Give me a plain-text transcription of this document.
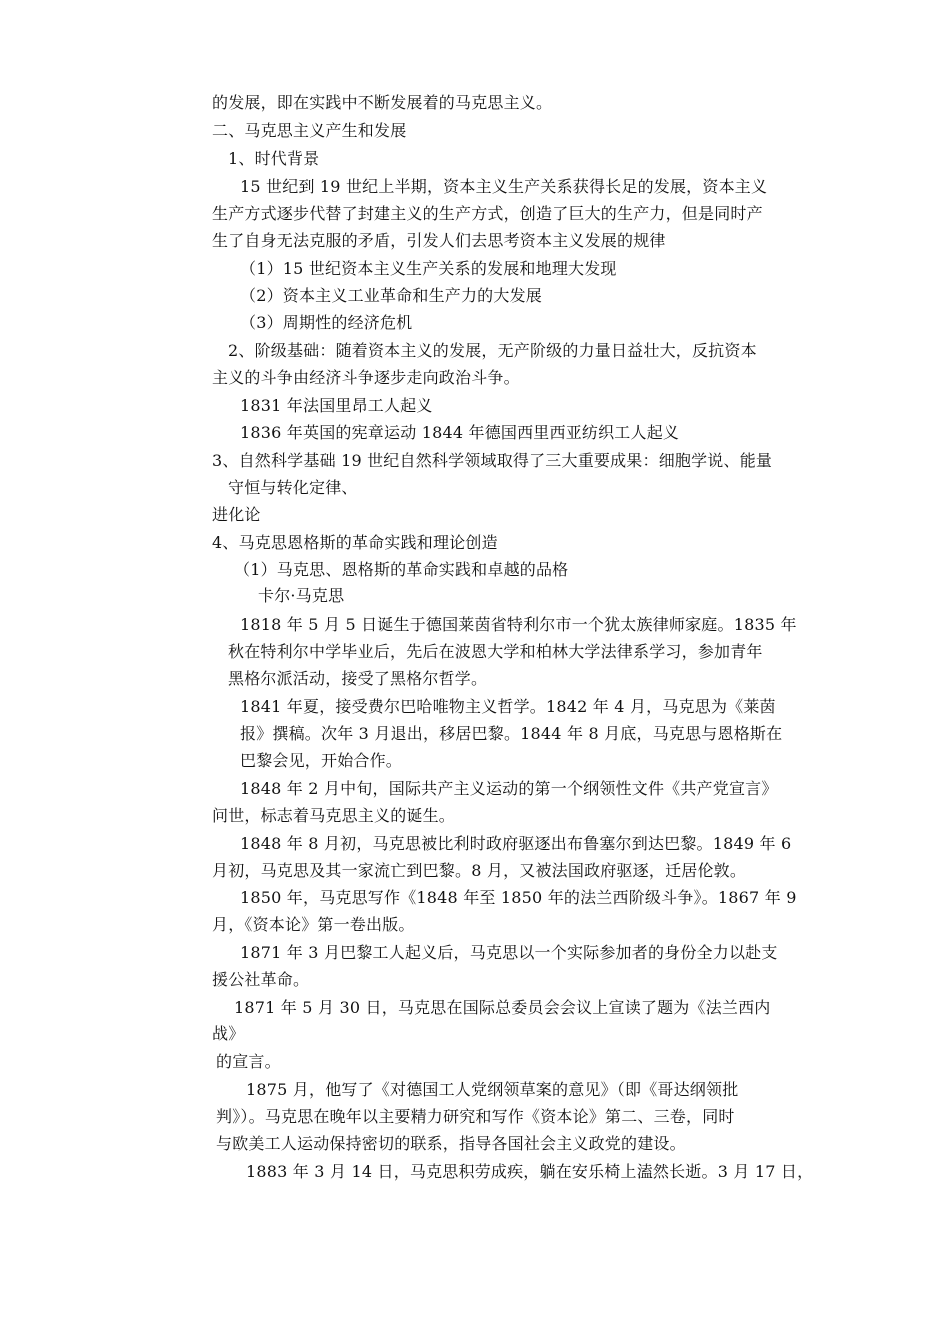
的发展，即在实践中不断发展着的马克思主义。
二、马克思主义产生和发展
1、时代背景
15 世纪到 19 世纪上半期，资本主义生产关系获得长足的发展，资本主义
生产方式逐步代替了封建主义的生产方式，创造了巨大的生产力，但是同时产
生了自身无法克服的矛盾，引发人们去思考资本主义发展的规律
（1）15 世纪资本主义生产关系的发展和地理大发现
（2）资本主义工业革命和生产力的大发展
（3）周期性的经济危机
2、阶级基础：随着资本主义的发展，无产阶级的力量日益壮大，反抗资本
主义的斗争由经济斗争逐步走向政治斗争。
1831 年法国里昂工人起义
1836 年英国的宪章运动 1844 年德国西里西亚纺织工人起义
3、自然科学基础 19 世纪自然科学领域取得了三大重要成果：细胞学说、能量
守恒与转化定律、
进化论
4、马克思恩格斯的革命实践和理论创造
（1）马克思、恩格斯的革命实践和卓越的品格
卡尔·马克思
1818 年 5 月 5 日诞生于德国莱茵省特利尔市一个犹太族律师家庭。1835 年
秋在特利尔中学毕业后，先后在波恩大学和柏林大学法律系学习，参加青年
黑格尔派活动，接受了黑格尔哲学。
1841 年夏，接受费尔巴哈唯物主义哲学。1842 年 4 月，马克思为《莱茵
报》撰稿。次年 3 月退出，移居巴黎。1844 年 8 月底，马克思与恩格斯在
巴黎会见，开始合作。
1848 年 2 月中旬，国际共产主义运动的第一个纲领性文件《共产党宣言》
问世，标志着马克思主义的诞生。
1848 年 8 月初，马克思被比利时政府驱逐出布鲁塞尔到达巴黎。1849 年 6
月初，马克思及其一家流亡到巴黎。8 月，又被法国政府驱逐，迁居伦敦。
1850 年，马克思写作《1848 年至 1850 年的法兰西阶级斗争》。1867 年 9
月，《资本论》第一卷出版。
1871 年 3 月巴黎工人起义后，马克思以一个实际参加者的身份全力以赴支
援公社革命。
1871 年 5 月 30 日，马克思在国际总委员会会议上宣读了题为《法兰西内
战》
的宣言。
1875 月，他写了《对德国工人党纲领草案的意见》（即《哥达纲领批
判》）。马克思在晚年以主要精力研究和写作《资本论》第二、三卷，同时
与欧美工人运动保持密切的联系，指导各国社会主义政党的建设。
1883 年 3 月 14 日，马克思积劳成疾，躺在安乐椅上溘然长逝。3 月 17 日，
